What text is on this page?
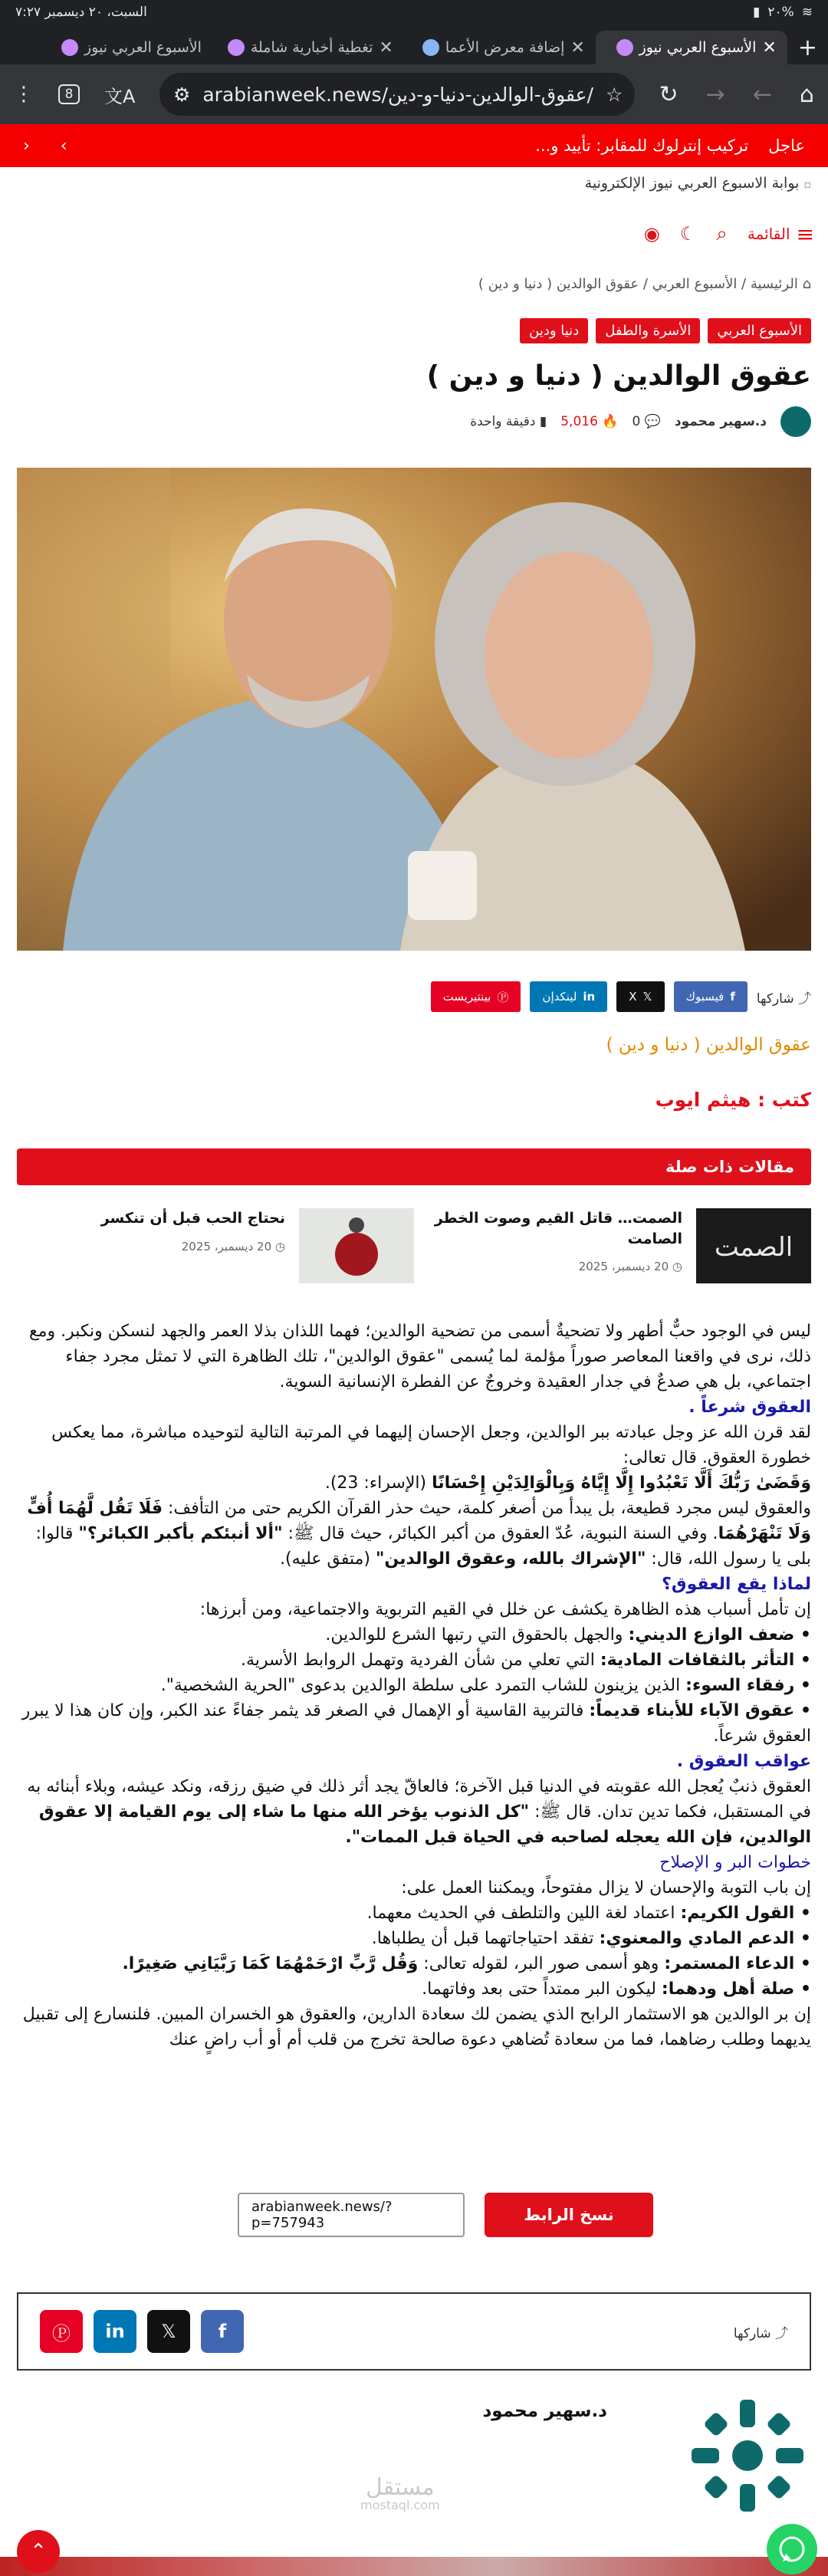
▮ ٢٠% ≋
السبت، ٢٠ ديسمبر ٧:٢٧
+
✕
الأسبوع العربي نيوز
✕
إضافة معرض الأعما
✕
تغطية أخبارية شاملة
الأسبوع العربي نيوز
⋮	8	文A ⚙ arabianweek.news/عقوق-الوالدين-دنيا-و-دين/ ☆ ↻ → ← ⌂
عاجل
تركيب إنترلوك للمقابر: تأييد و...
›
‹
▫ بوابة الاسبوع العربي نيوز الإلكترونية
≡
القائمة
⌕
☾
◉
⌂ الرئيسية / الأسبوع العربي / عقوق الوالدين ( دنيا و دين )
الأسبوع العربي
الأسرة والطفل
دنيا ودين
عقوق الوالدين ( دنيا و دين )
د.سهير محمود
💬 0
🔥 5,016
▮ دقيقة واحدة
⤴ شاركها
f
فيسبوك
𝕏
X
in
لينكدإن
Ⓟ
بينتيريست
عقوق الوالدين ( دنيا و دين )
كتب : هيثم ايوب
مقالات ذات صلة
الصمت
الصمت… قاتل القيم وصوت الخطر الصامت
◷ 20 ديسمبر، 2025
نحتاج الحب قبل أن تنكسر
◷ 20 ديسمبر، 2025

ليس في الوجود حبٌّ أطهر ولا تضحيةٌ أسمى من تضحية الوالدين؛ فهما اللذان بذلا العمر والجهد لنسكن ونكبر. ومع ذلك، نرى في واقعنا المعاصر صوراً مؤلمة لما يُسمى "عقوق الوالدين"، تلك الظاهرة التي لا تمثل مجرد جفاء اجتماعي، بل هي صدعٌ في جدار العقيدة وخروجٌ عن الفطرة الإنسانية السوية.

العقوق شرعاً .

لقد قرن الله عز وجل عبادته ببر الوالدين، وجعل الإحسان إليهما في المرتبة التالية لتوحيده مباشرة، مما يعكس خطورة العقوق. قال تعالى:

وَقَضَىٰ رَبُّكَ أَلَّا تَعْبُدُوا إِلَّا إِيَّاهُ وَبِالْوَالِدَيْنِ إِحْسَانًا (الإسراء: 23).

والعقوق ليس مجرد قطيعة، بل يبدأ من أصغر كلمة، حيث حذر القرآن الكريم حتى من التأفف: فَلَا تَقُل لَّهُمَا أُفٍّ وَلَا تَنْهَرْهُمَا. وفي السنة النبوية، عُدّ العقوق من أكبر الكبائر، حيث قال ﷺ: "ألا أنبئكم بأكبر الكبائر؟" قالوا: بلى يا رسول الله، قال: "الإشراك بالله، وعقوق الوالدين" (متفق عليه).

لماذا يقع العقوق؟

إن تأمل أسباب هذه الظاهرة يكشف عن خلل في القيم التربوية والاجتماعية، ومن أبرزها:

• ضعف الوازع الديني: والجهل بالحقوق التي رتبها الشرع للوالدين.

• التأثر بالثقافات المادية: التي تعلي من شأن الفردية وتهمل الروابط الأسرية.

• رفقاء السوء: الذين يزينون للشاب التمرد على سلطة الوالدين بدعوى "الحرية الشخصية".

• عقوق الآباء للأبناء قديماً: فالتربية القاسية أو الإهمال في الصغر قد يثمر جفاءً عند الكبر، وإن كان هذا لا يبرر العقوق شرعاً.

عواقب العقوق .

العقوق ذنبٌ يُعجل الله عقوبته في الدنيا قبل الآخرة؛ فالعاقّ يجد أثر ذلك في ضيق رزقه، ونكد عيشه، وبلاء أبنائه به في المستقبل، فكما تدين تدان. قال ﷺ: "كل الذنوب يؤخر الله منها ما شاء إلى يوم القيامة إلا عقوق الوالدين، فإن الله يعجله لصاحبه في الحياة قبل الممات".

خطوات البر و الإصلاح

إن باب التوبة والإحسان لا يزال مفتوحاً، ويمكننا العمل على:

• القول الكريم: اعتماد لغة اللين والتلطف في الحديث معهما.

• الدعم المادي والمعنوي: تفقد احتياجاتهما قبل أن يطلباها.

• الدعاء المستمر: وهو أسمى صور البر، لقوله تعالى: وَقُل رَّبِّ ارْحَمْهُمَا كَمَا رَبَّيَانِي صَغِيرًا.

• صلة أهل ودهما: ليكون البر ممتداً حتى بعد وفاتهما.

إن بر الوالدين هو الاستثمار الرابح الذي يضمن لك سعادة الدارين، والعقوق هو الخسران المبين. فلنسارع إلى تقبيل يديهما وطلب رضاهما، فما من سعادة تُضاهي دعوة صالحة تخرج من قلب أم أو أب راضٍ عنك

arabianweek.news/?p=757943	نسخ الرابط
⤴ شاركها
Ⓟ	in	𝕏	f
د.سهير محمود
مستقل
mostaql.com
⌃
